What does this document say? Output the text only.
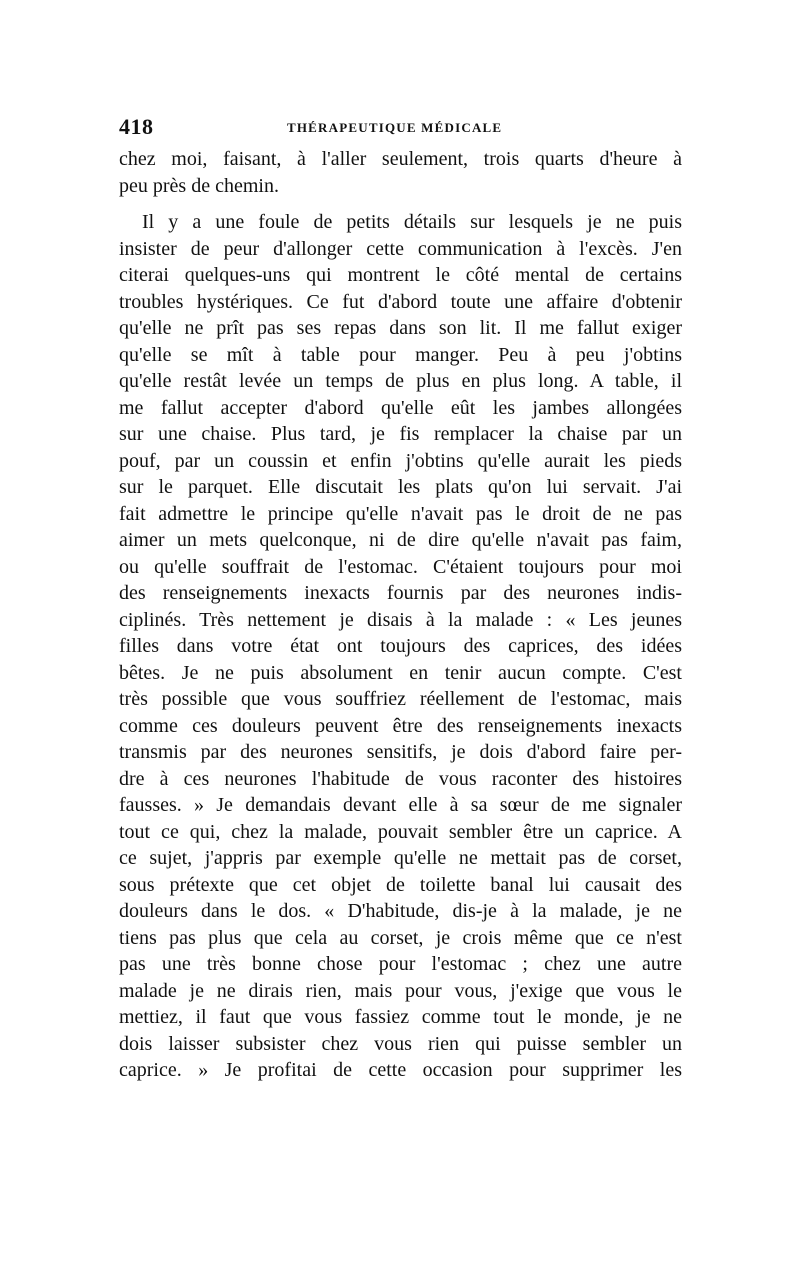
418	THÉRAPEUTIQUE MÉDICALE
chez moi, faisant, à l'aller seulement, trois quarts d'heure à
peu près de chemin.
Il y a une foule de petits détails sur lesquels je ne puis
insister de peur d'allonger cette communication à l'excès. J'en
citerai quelques-uns qui montrent le côté mental de certains
troubles hystériques. Ce fut d'abord toute une affaire d'obtenir
qu'elle ne prît pas ses repas dans son lit. Il me fallut exiger
qu'elle se mît à table pour manger. Peu à peu j'obtins
qu'elle restât levée un temps de plus en plus long. A table, il
me fallut accepter d'abord qu'elle eût les jambes allongées
sur une chaise. Plus tard, je fis remplacer la chaise par un
pouf, par un coussin et enfin j'obtins qu'elle aurait les pieds
sur le parquet. Elle discutait les plats qu'on lui servait. J'ai
fait admettre le principe qu'elle n'avait pas le droit de ne pas
aimer un mets quelconque, ni de dire qu'elle n'avait pas faim,
ou qu'elle souffrait de l'estomac. C'étaient toujours pour moi
des renseignements inexacts fournis par des neurones indis-
ciplinés. Très nettement je disais à la malade : « Les jeunes
filles dans votre état ont toujours des caprices, des idées
bêtes. Je ne puis absolument en tenir aucun compte. C'est
très possible que vous souffriez réellement de l'estomac, mais
comme ces douleurs peuvent être des renseignements inexacts
transmis par des neurones sensitifs, je dois d'abord faire per-
dre à ces neurones l'habitude de vous raconter des histoires
fausses. » Je demandais devant elle à sa sœur de me signaler
tout ce qui, chez la malade, pouvait sembler être un caprice. A
ce sujet, j'appris par exemple qu'elle ne mettait pas de corset,
sous prétexte que cet objet de toilette banal lui causait des
douleurs dans le dos. « D'habitude, dis-je à la malade, je ne
tiens pas plus que cela au corset, je crois même que ce n'est
pas une très bonne chose pour l'estomac ; chez une autre
malade je ne dirais rien, mais pour vous, j'exige que vous le
mettiez, il faut que vous fassiez comme tout le monde, je ne
dois laisser subsister chez vous rien qui puisse sembler un
caprice. » Je profitai de cette occasion pour supprimer les
